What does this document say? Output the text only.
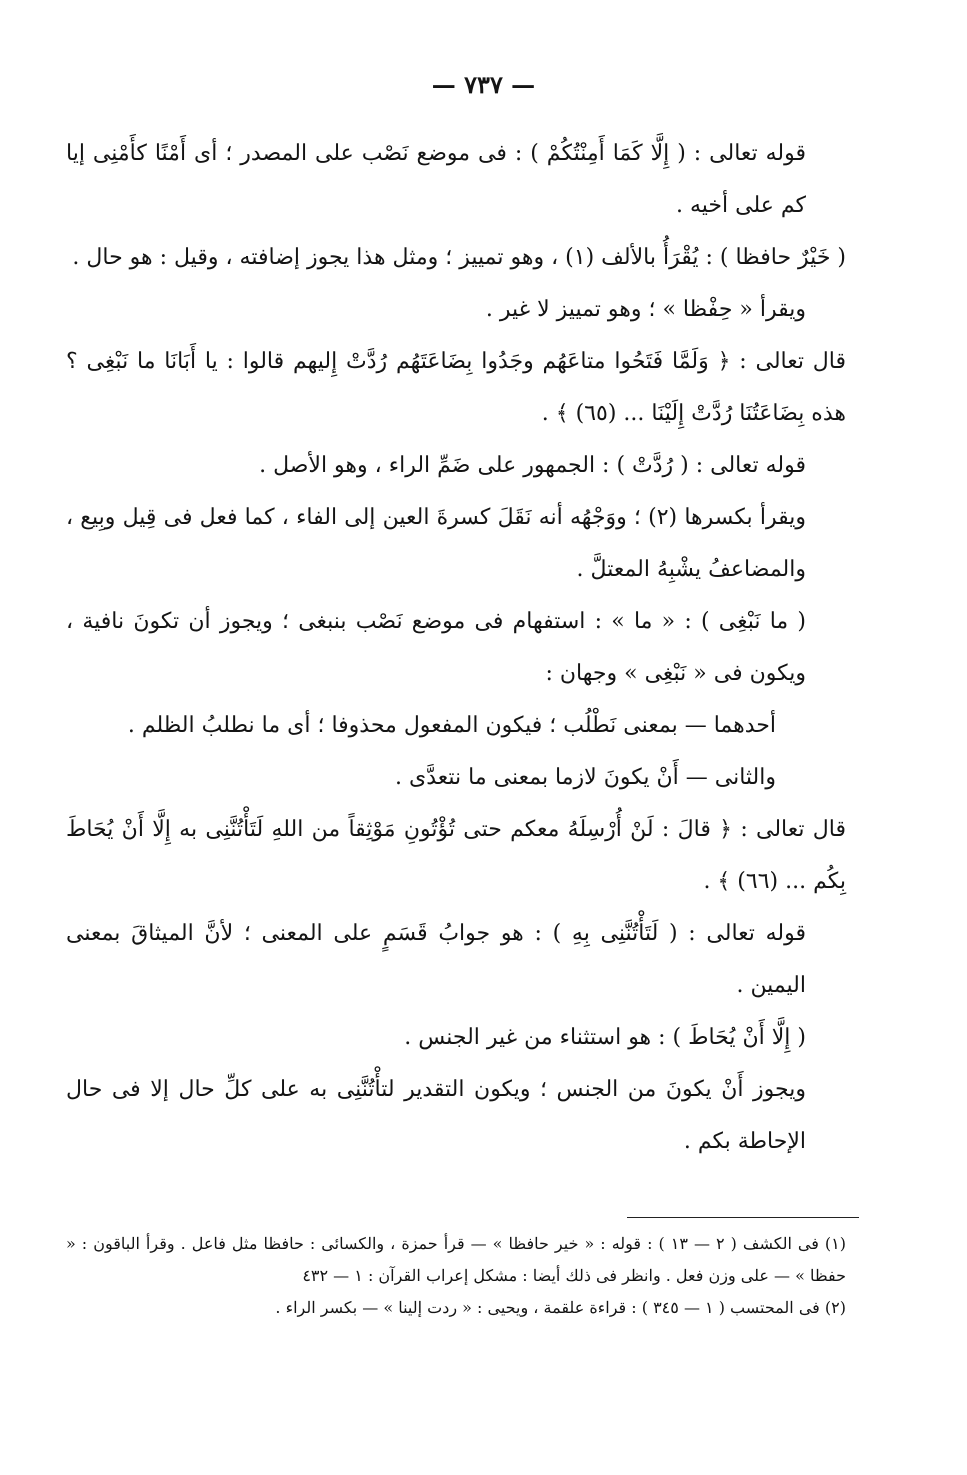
— ٧٣٧ —

قوله تعالى : ( إِلَّا كَمَا أَمِنْتُكُمْ ) : فى موضع نَصْب على المصدر ؛ أى أَمْنًا كأَمْنِى إيا كم على أخيه .

( خَيْرٌ حافظا ) : يُقْرَأُ بالألف (١) ، وهو تمييز ؛ ومثل هذا يجوز إضافته ، وقيل : هو حال .

ويقرأ « حِفْظا » ؛ وهو تمييز لا غير .

قال تعالى : ﴿ وَلَمَّا فَتَحُوا متاعَهُم وجَدُوا بِضَاعَتَهُم رُدَّتْ إِليهم قالوا : يا أَبَانَا ما نَبْغِى ؟ هذه بِضَاعَتُنَا رُدَّتْ إِلَيْنَا ... (٦٥) ﴾ .

قوله تعالى : ( رُدَّتْ ) : الجمهور على ضَمِّ الراء ، وهو الأصل .

ويقرأ بكسرها (٢) ؛ ووَجْهُه أنه نَقَلَ كسرةَ العين إلى الفاء ، كما فعل فى قِيل وبِيع ، والمضاعفُ يشْبِهُ المعتلَّ .

( ما نَبْغِى ) : « ما » : استفهام فى موضع نَصْب بنبغى ؛ ويجوز أن تكونَ نافية ، ويكون فى « نَبْغِى » وجهان :

أحدهما — بمعنى نَطْلُب ؛ فيكون المفعول محذوفا ؛ أى ما نطلبُ الظلم .

والثانى — أَنْ يكونَ لازما بمعنى ما نتعدَّى .

قال تعالى : ﴿ قالَ : لَنْ أُرْسِلَهُ معكم حتى تُؤْتُونِ مَوْثِقاً من اللهِ لَتَأْتُنَّنِى به إِلَّا أَنْ يُحَاطَ بِكُم ... (٦٦) ﴾ .

قوله تعالى : ( لَتَأْتُنَّنِى بِهِ ) : هو جوابُ قَسَمٍ على المعنى ؛ لأنَّ الميثاقَ بمعنى اليمين .

( إِلَّا أَنْ يُحَاطَ ) : هو استثناء من غير الجنس .

ويجوز أَنْ يكونَ من الجنس ؛ ويكون التقدير لتأْتُنَّنِى به على كلِّ حال إلا فى حال الإحاطة بكم .

(١) فى الكشف ( ٢ — ١٣ ) : قوله : « خير حافظا » — قرأ حمزة ، والكسائى : حافظا مثل فاعل . وقرأ الباقون : « حفظا » — على وزن فعل . وانظر فى ذلك أيضا : مشكل إعراب القرآن : ١ — ٤٣٢

(٢) فى المحتسب ( ١ — ٣٤٥ ) : قراءة علقمة ، ويحيى : « ردت إلينا » — بكسر الراء .
